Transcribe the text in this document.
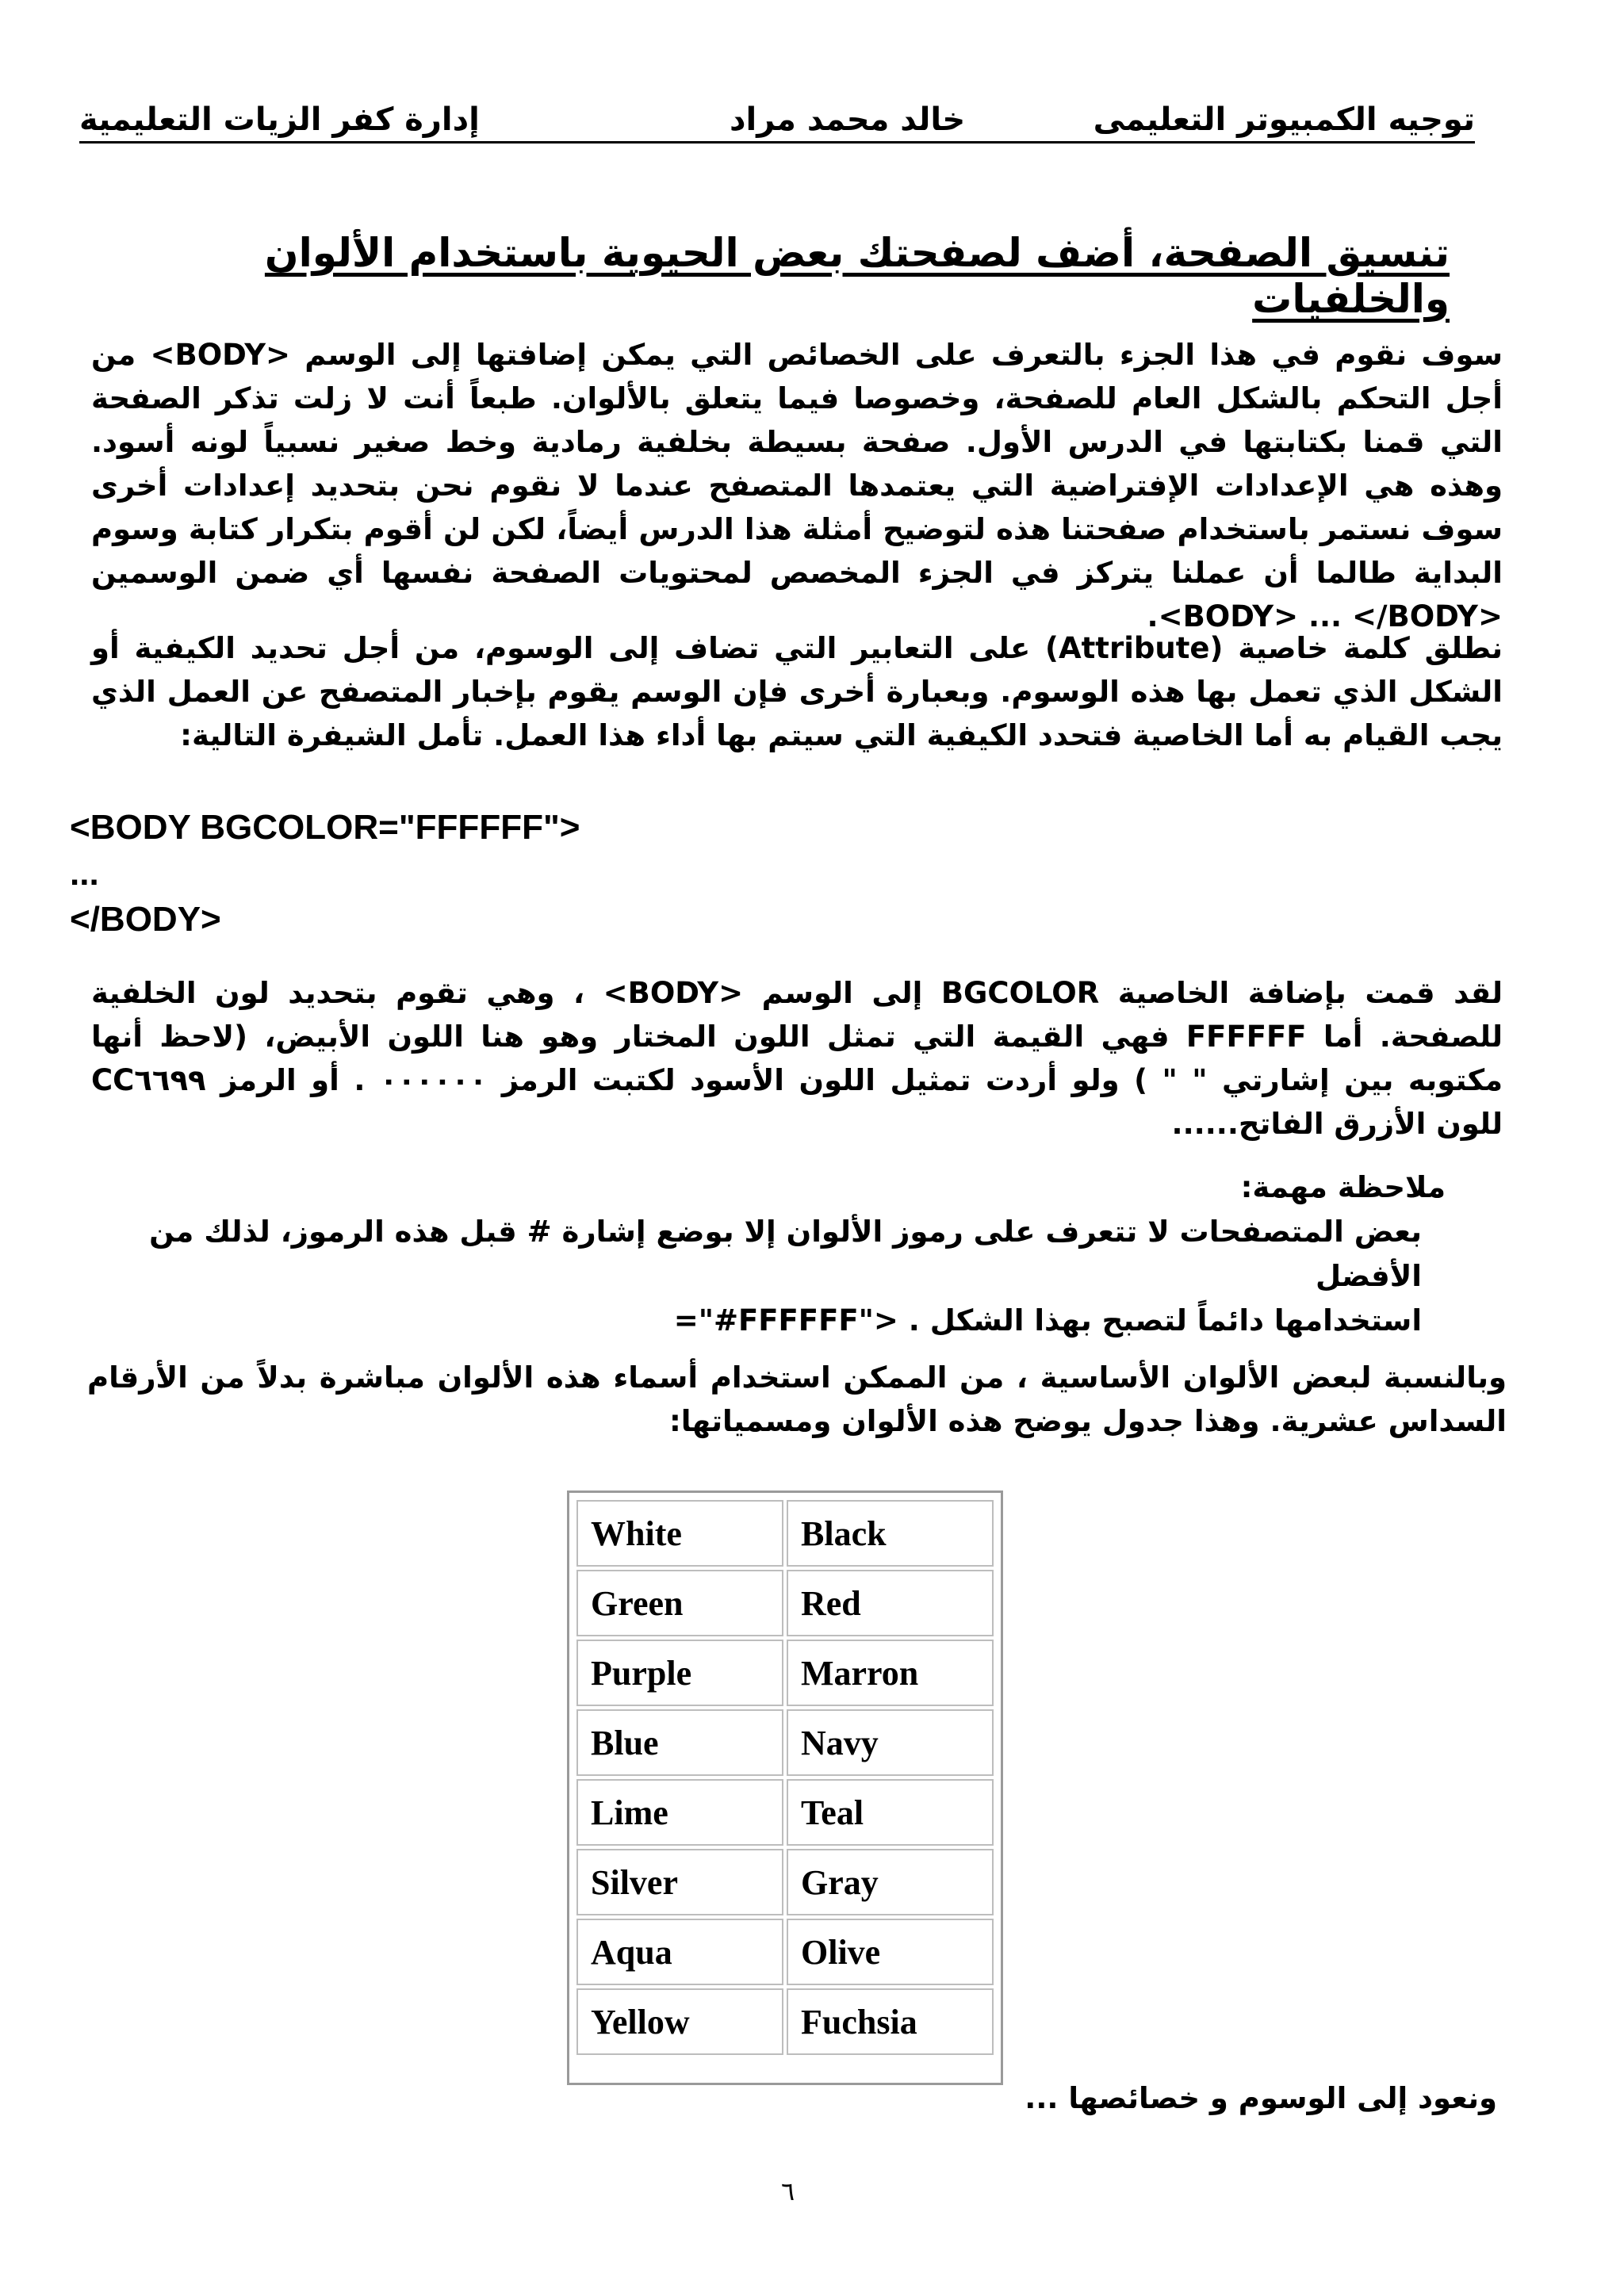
توجيه الكمبيوتر التعليمى
خالد محمد مراد
إدارة كفر الزيات التعليمية
تنسيق الصفحة، أضف لصفحتك بعض الحيوية باستخدام الألوان والخلفيات
سوف نقوم في هذا الجزء بالتعرف على الخصائص التي يمكن إضافتها إلى الوسم <BODY> من أجل التحكم بالشكل العام للصفحة، وخصوصا فيما يتعلق بالألوان. طبعاً أنت لا زلت تذكر الصفحة التي قمنا بكتابتها في الدرس الأول. صفحة بسيطة بخلفية رمادية وخط صغير نسبياً لونه أسود. وهذه هي الإعدادات الإفتراضية التي يعتمدها المتصفح عندما لا نقوم نحن بتحديد إعدادات أخرى سوف نستمر باستخدام صفحتنا هذه لتوضيح أمثلة هذا الدرس أيضاً، لكن لن أقوم بتكرار كتابة وسوم البداية طالما أن عملنا يتركز في الجزء المخصص لمحتويات الصفحة نفسها أي ضمن الوسمين <BODY> ... </BODY>.
نطلق كلمة خاصية (Attribute) على التعابير التي تضاف إلى الوسوم، من أجل تحديد الكيفية أو الشكل الذي تعمل بها هذه الوسوم. وبعبارة أخرى فإن الوسم يقوم بإخبار المتصفح عن العمل الذي يجب القيام به أما الخاصية فتحدد الكيفية التي سيتم بها أداء هذا العمل. تأمل الشيفرة التالية:
<BODY BGCOLOR="FFFFFF">
...
</BODY>
لقد قمت بإضافة الخاصية BGCOLOR إلى الوسم <BODY> ، وهي تقوم بتحديد لون الخلفية للصفحة. أما FFFFFF فهي القيمة التي تمثل اللون المختار وهو هنا اللون الأبيض، (لاحظ أنها مكتوبه بين إشارتي " " ) ولو أردت تمثيل اللون الأسود لكتبت الرمز ٠٠٠٠٠٠ . أو الرمز CC٦٦٩٩ للون الأزرق الفاتح......
ملاحظة مهمة:
بعض المتصفحات لا تتعرف على رموز الألوان إلا بوضع إشارة # قبل هذه الرموز، لذلك من الأفضل
استخدامها دائماً لتصبح بهذا الشكل . <"FFFFFF#"=
وبالنسبة لبعض الألوان الأساسية ، من الممكن استخدام أسماء هذه الألوان مباشرة بدلاً من الأرقام السداس عشرية. وهذا جدول يوضح هذه الألوان ومسمياتها:
White	Black
Green	Red
Purple	Marron
Blue	Navy
Lime	Teal
Silver	Gray
Aqua	Olive
Yellow	Fuchsia
ونعود إلى الوسوم و خصائصها ...
٦
